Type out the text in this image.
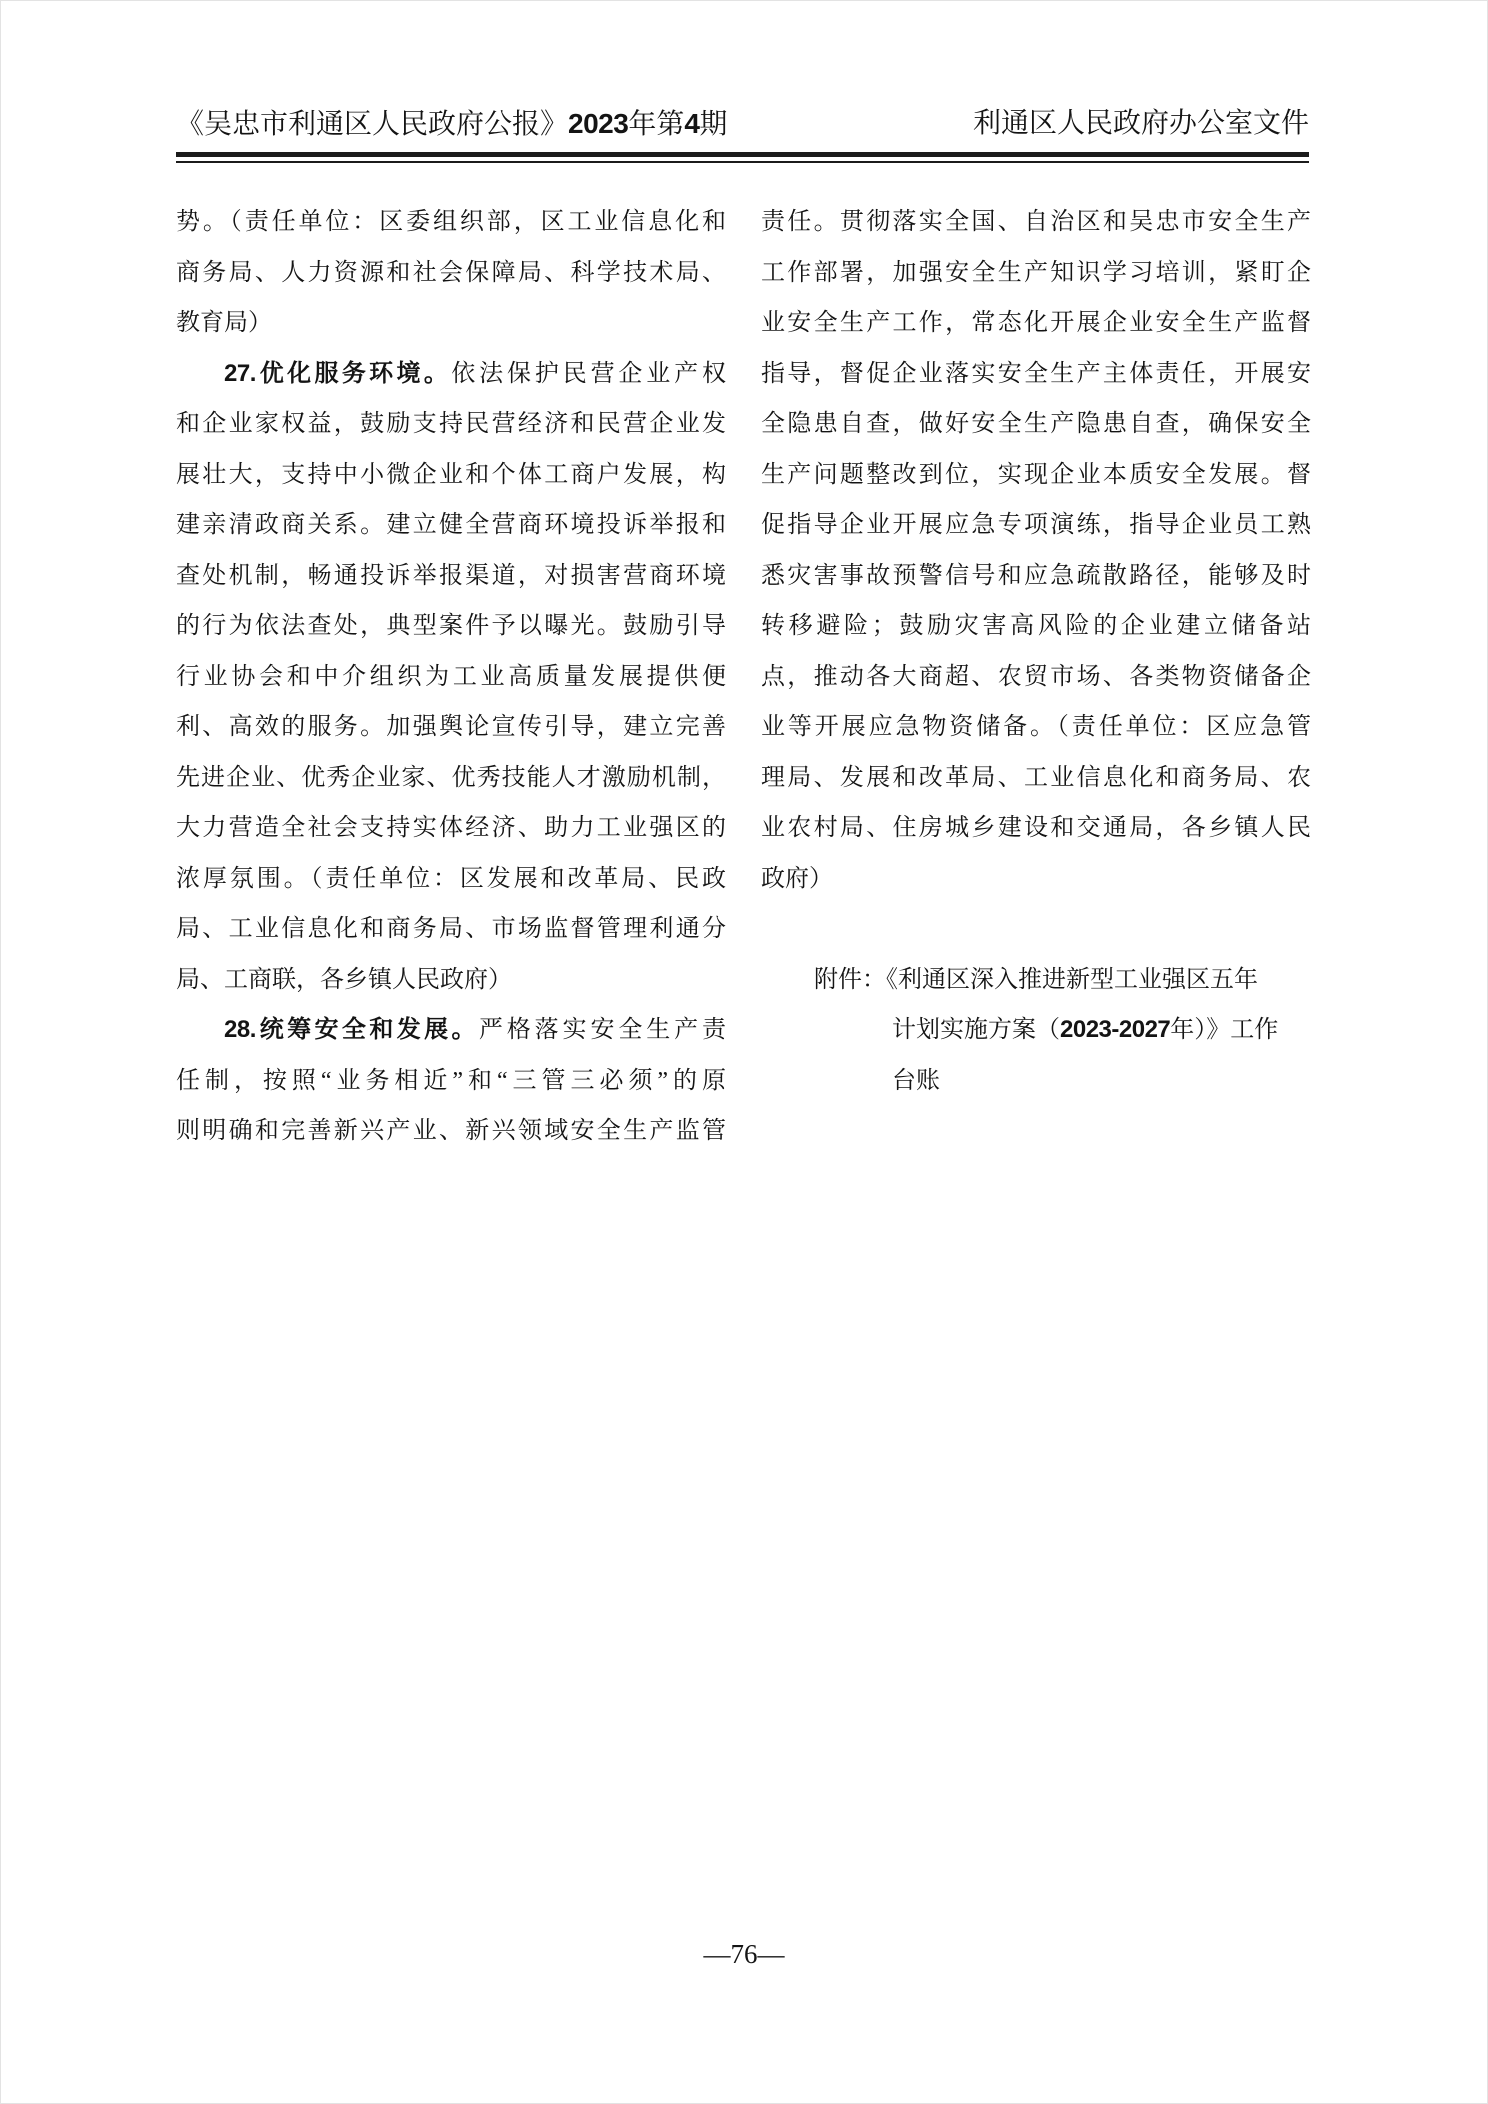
《吴忠市利通区人民政府公报》2023年第4期	利通区人民政府办公室文件
势。（责任单位：区委组织部，区工业信息化和
商务局、人力资源和社会保障局、科学技术局、
教育局）
27.优化服务环境。依法保护民营企业产权
和企业家权益，鼓励支持民营经济和民营企业发
展壮大，支持中小微企业和个体工商户发展，构
建亲清政商关系。建立健全营商环境投诉举报和
查处机制，畅通投诉举报渠道，对损害营商环境
的行为依法查处，典型案件予以曝光。鼓励引导
行业协会和中介组织为工业高质量发展提供便
利、高效的服务。加强舆论宣传引导，建立完善
先进企业、优秀企业家、优秀技能人才激励机制，
大力营造全社会支持实体经济、助力工业强区的
浓厚氛围。（责任单位：区发展和改革局、民政
局、工业信息化和商务局、市场监督管理利通分
局、工商联，各乡镇人民政府）
28.统筹安全和发展。严格落实安全生产责
任制，按照“业务相近”和“三管三必须”的原
则明确和完善新兴产业、新兴领域安全生产监管
责任。贯彻落实全国、自治区和吴忠市安全生产
工作部署，加强安全生产知识学习培训，紧盯企
业安全生产工作，常态化开展企业安全生产监督
指导，督促企业落实安全生产主体责任，开展安
全隐患自查，做好安全生产隐患自查，确保安全
生产问题整改到位，实现企业本质安全发展。督
促指导企业开展应急专项演练，指导企业员工熟
悉灾害事故预警信号和应急疏散路径，能够及时
转移避险；鼓励灾害高风险的企业建立储备站
点，推动各大商超、农贸市场、各类物资储备企
业等开展应急物资储备。（责任单位：区应急管
理局、发展和改革局、工业信息化和商务局、农
业农村局、住房城乡建设和交通局，各乡镇人民
政府）
附件：《利通区深入推进新型工业强区五年
计划实施方案（2023-2027年）》工作
台账
—76—
